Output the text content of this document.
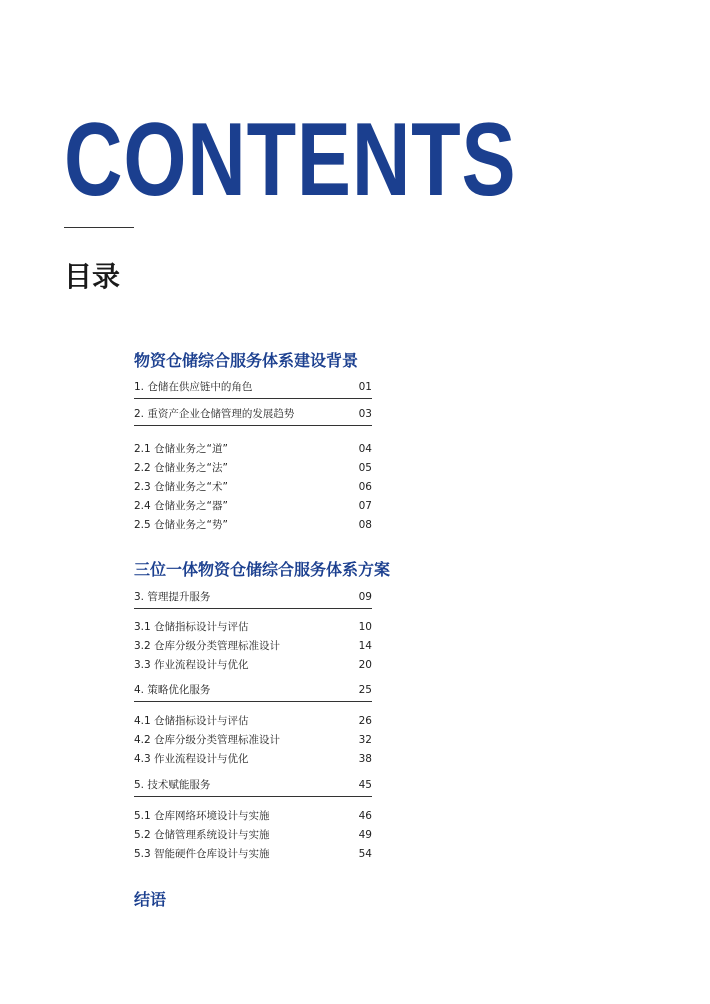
CONTENTS
目录
物资仓储综合服务体系建设背景
1. 仓储在供应链中的角色	01
2. 重资产企业仓储管理的发展趋势	03
2.1 仓储业务之“道”	04
2.2 仓储业务之“法”	05
2.3 仓储业务之“术”	06
2.4 仓储业务之“器”	07
2.5 仓储业务之“势”	08
三位一体物资仓储综合服务体系方案
3. 管理提升服务	09
3.1 仓储指标设计与评估	10
3.2 仓库分级分类管理标准设计	14
3.3 作业流程设计与优化	20
4. 策略优化服务	25
4.1 仓储指标设计与评估	26
4.2 仓库分级分类管理标准设计	32
4.3 作业流程设计与优化	38
5. 技术赋能服务	45
5.1 仓库网络环境设计与实施	46
5.2 仓储管理系统设计与实施	49
5.3 智能硬件仓库设计与实施	54
结语
